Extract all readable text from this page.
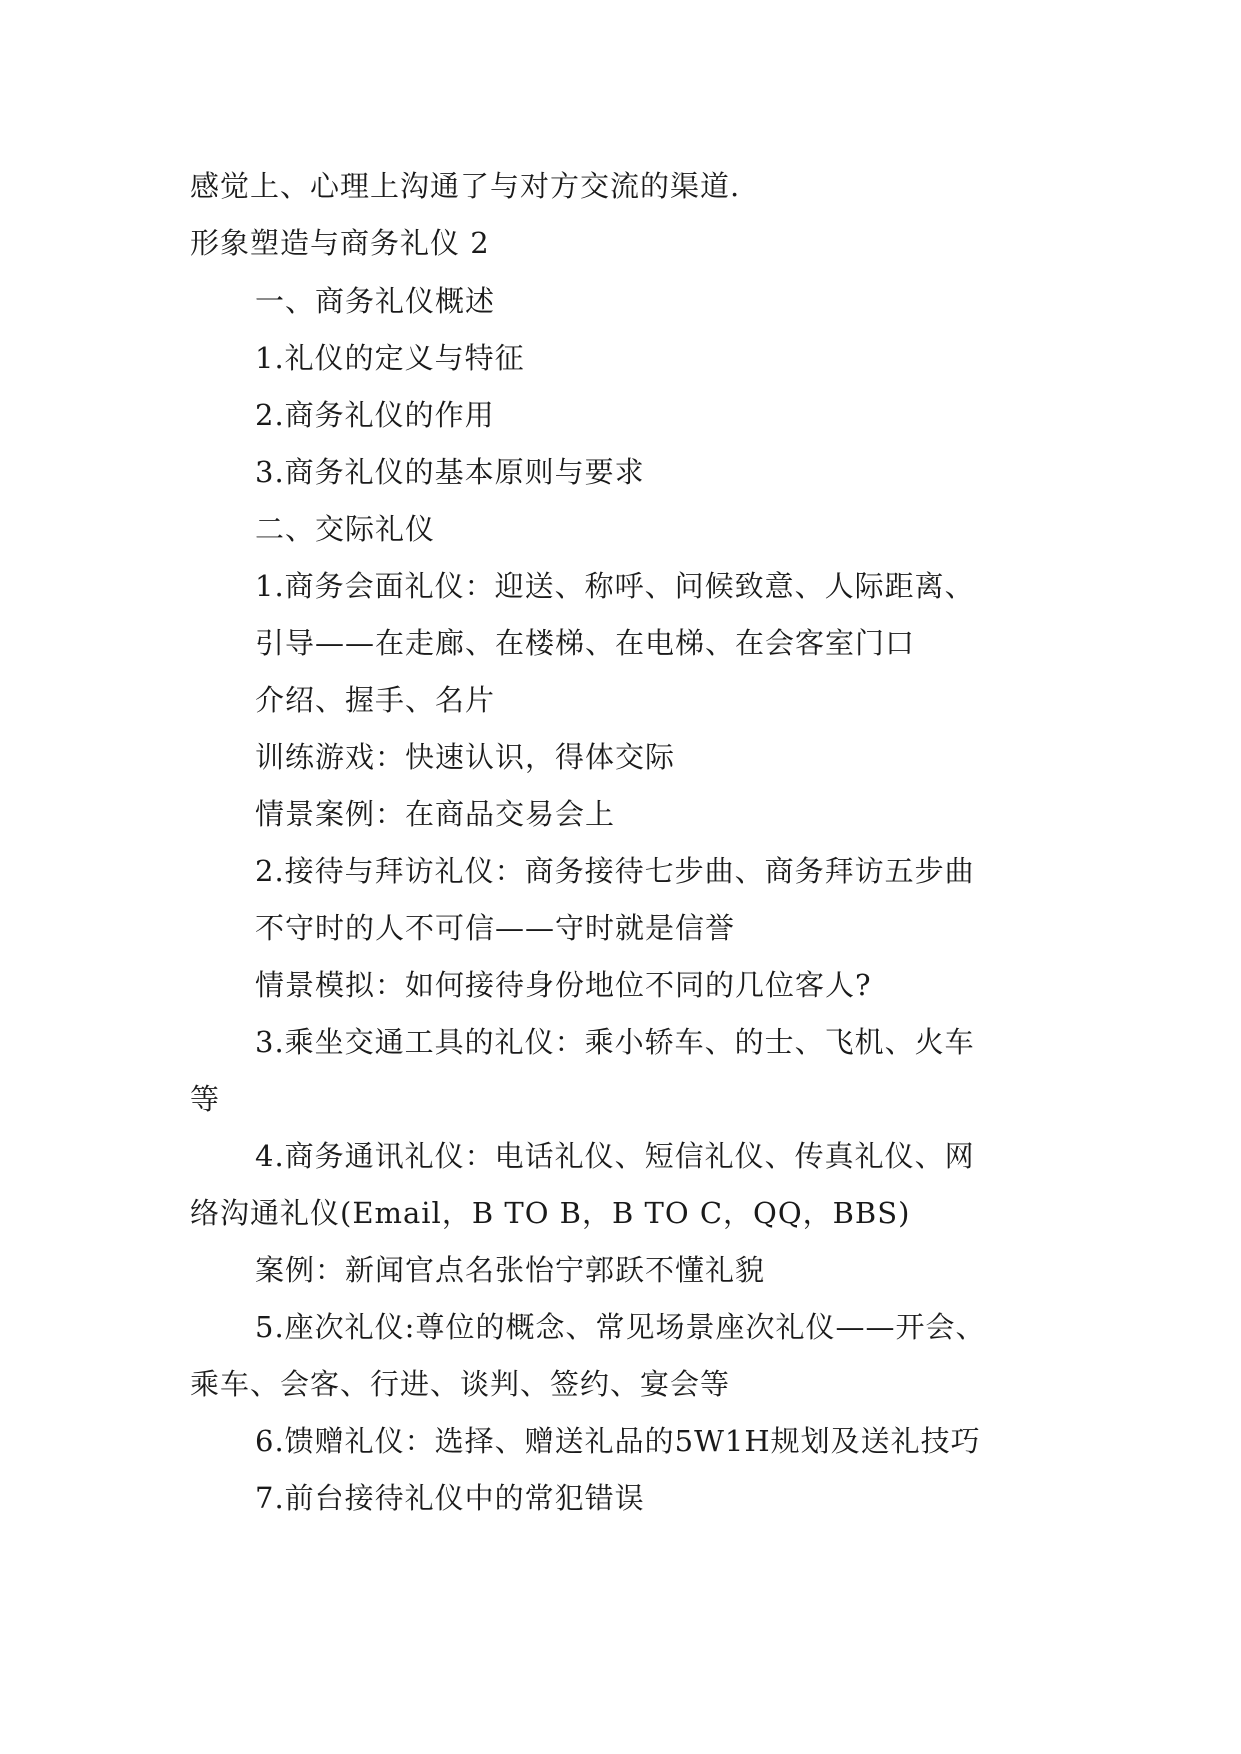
感觉上、心理上沟通了与对方交流的渠道.
形象塑造与商务礼仪 2
一、商务礼仪概述
1.礼仪的定义与特征
2.商务礼仪的作用
3.商务礼仪的基本原则与要求
二、交际礼仪
1.商务会面礼仪：迎送、称呼、问候致意、人际距离、
引导——在走廊、在楼梯、在电梯、在会客室门口
介绍、握手、名片
训练游戏：快速认识，得体交际
情景案例：在商品交易会上
2.接待与拜访礼仪：商务接待七步曲、商务拜访五步曲
不守时的人不可信——守时就是信誉
情景模拟：如何接待身份地位不同的几位客人?
3.乘坐交通工具的礼仪：乘小轿车、的士、飞机、火车
等
4.商务通讯礼仪：电话礼仪、短信礼仪、传真礼仪、网
络沟通礼仪(Email，B TO B，B TO C，QQ，BBS)
案例：新闻官点名张怡宁郭跃不懂礼貌
5.座次礼仪:尊位的概念、常见场景座次礼仪——开会、
乘车、会客、行进、谈判、签约、宴会等
6.馈赠礼仪：选择、赠送礼品的5W1H规划及送礼技巧
7.前台接待礼仪中的常犯错误
